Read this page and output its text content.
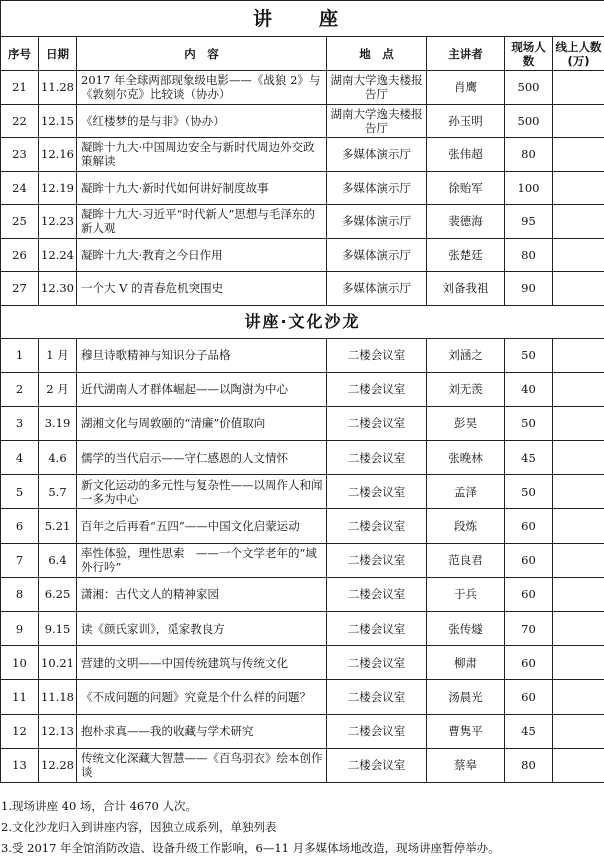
讲　座						
序号	日期	内　容	地　点	主讲者	现场人数	线上人数(万)
21	11.28	2017 年全球两部现象级电影——《战狼 2》与《敦刻尔克》比较谈（协办）	湖南大学逸夫楼报告厅	肖鹰	500	
22	12.15	《红楼梦的是与非》（协办）	湖南大学逸夫楼报告厅	孙玉明	500	
23	12.16	凝眸十九大·中国周边安全与新时代周边外交政策解读	多媒体演示厅	张伟超	80	
24	12.19	凝眸十九大·新时代如何讲好制度故事	多媒体演示厅	徐贻军	100	
25	12.23	凝眸十九大·习近平“时代新人”思想与毛泽东的新人观	多媒体演示厅	裴德海	95	
26	12.24	凝眸十九大·教育之今日作用	多媒体演示厅	张楚廷	80	
27	12.30	一个大 V 的青春危机突围史	多媒体演示厅	刘备我祖	90	
讲座·文化沙龙						
1	1 月	穆旦诗歌精神与知识分子品格	二楼会议室	刘涵之	50	
2	2 月	近代湖南人才群体崛起——以陶澍为中心	二楼会议室	刘无羡	40	
3	3.19	湖湘文化与周敦颐的“清廉”价值取向	二楼会议室	彭昊	50	
4	4.6	儒学的当代启示——守仁感恩的人文情怀	二楼会议室	张晚林	45	
5	5.7	新文化运动的多元性与复杂性——以周作人和闻一多为中心	二楼会议室	孟泽	50	
6	5.21	百年之后再看“五四”——中国文化启蒙运动	二楼会议室	段炼	60	
7	6.4	率性体验，理性思索　——一个文学老年的“域外行吟”	二楼会议室	范良君	60	
8	6.25	潇湘：古代文人的精神家园	二楼会议室	于兵	60	
9	9.15	读《颜氏家训》，觅家教良方	二楼会议室	张传燧	70	
10	10.21	营建的文明——中国传统建筑与传统文化	二楼会议室	柳肃	60	
11	11.18	《不成问题的问题》究竟是个什么样的问题？	二楼会议室	汤晨光	60	
12	12.13	抱朴求真——我的收藏与学术研究	二楼会议室	曹隽平	45	
13	12.28	传统文化深藏大智慧——《百鸟羽衣》绘本创作谈	二楼会议室	蔡皋	80	
1.现场讲座 40 场，合计 4670 人次。
2.文化沙龙归入到讲座内容，因独立成系列，单独列表
3.受 2017 年全馆消防改造、设备升级工作影响，6—11 月多媒体场地改造，现场讲座暂停举办。
